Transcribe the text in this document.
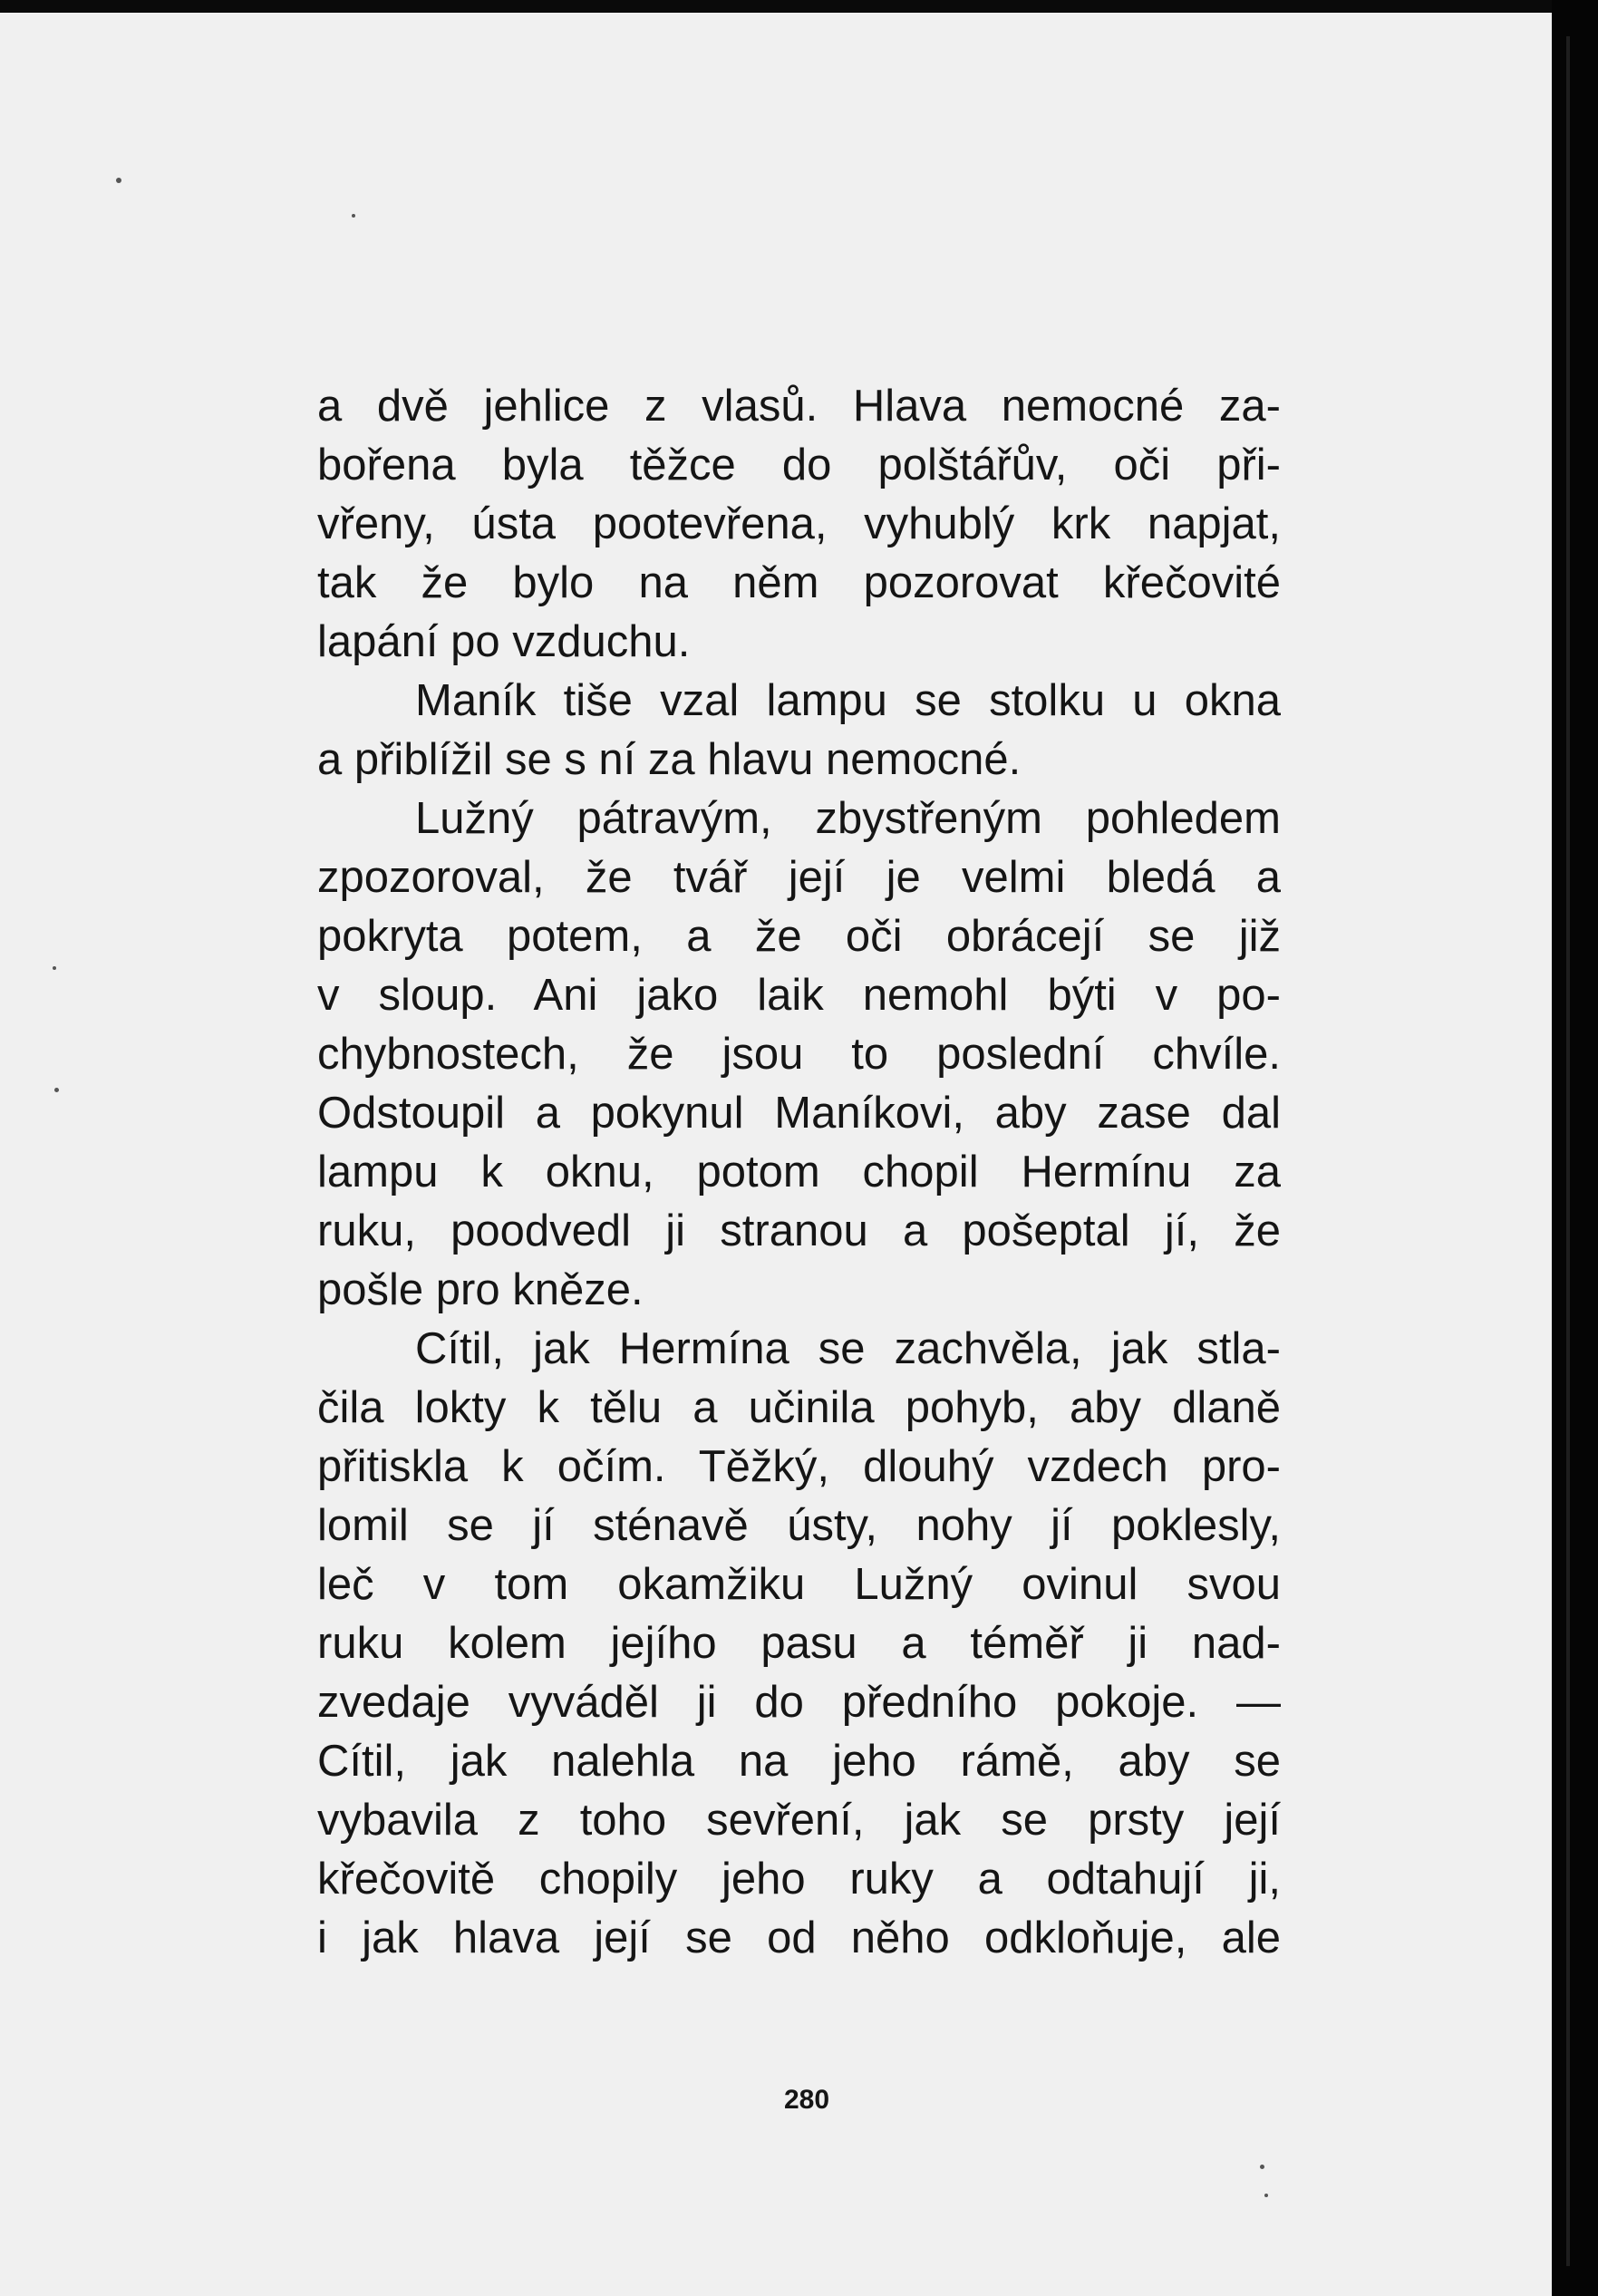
a dvě jehlice z vlasů. Hlava nemocné za-
bořena byla těžce do polštářův, oči při-
vřeny, ústa pootevřena, vyhublý krk napjat,
tak že bylo na něm pozorovat křečovité
lapání po vzduchu.
Maník tiše vzal lampu se stolku u okna
a přiblížil se s ní za hlavu nemocné.
Lužný pátravým, zbystřeným pohledem
zpozoroval, že tvář její je velmi bledá a
pokryta potem, a že oči obrácejí se již
v sloup. Ani jako laik nemohl býti v po-
chybnostech, že jsou to poslední chvíle.
Odstoupil a pokynul Maníkovi, aby zase dal
lampu k oknu, potom chopil Hermínu za
ruku, poodvedl ji stranou a pošeptal jí, že
pošle pro kněze.
Cítil, jak Hermína se zachvěla, jak stla-
čila lokty k tělu a učinila pohyb, aby dlaně
přitiskla k očím. Těžký, dlouhý vzdech pro-
lomil se jí sténavě ústy, nohy jí poklesly,
leč v tom okamžiku Lužný ovinul svou
ruku kolem jejího pasu a téměř ji nad-
zvedaje vyváděl ji do předního pokoje. —
Cítil, jak nalehla na jeho rámě, aby se
vybavila z toho sevření, jak se prsty její
křečovitě chopily jeho ruky a odtahují ji,
i jak hlava její se od něho odkloňuje, ale
280
